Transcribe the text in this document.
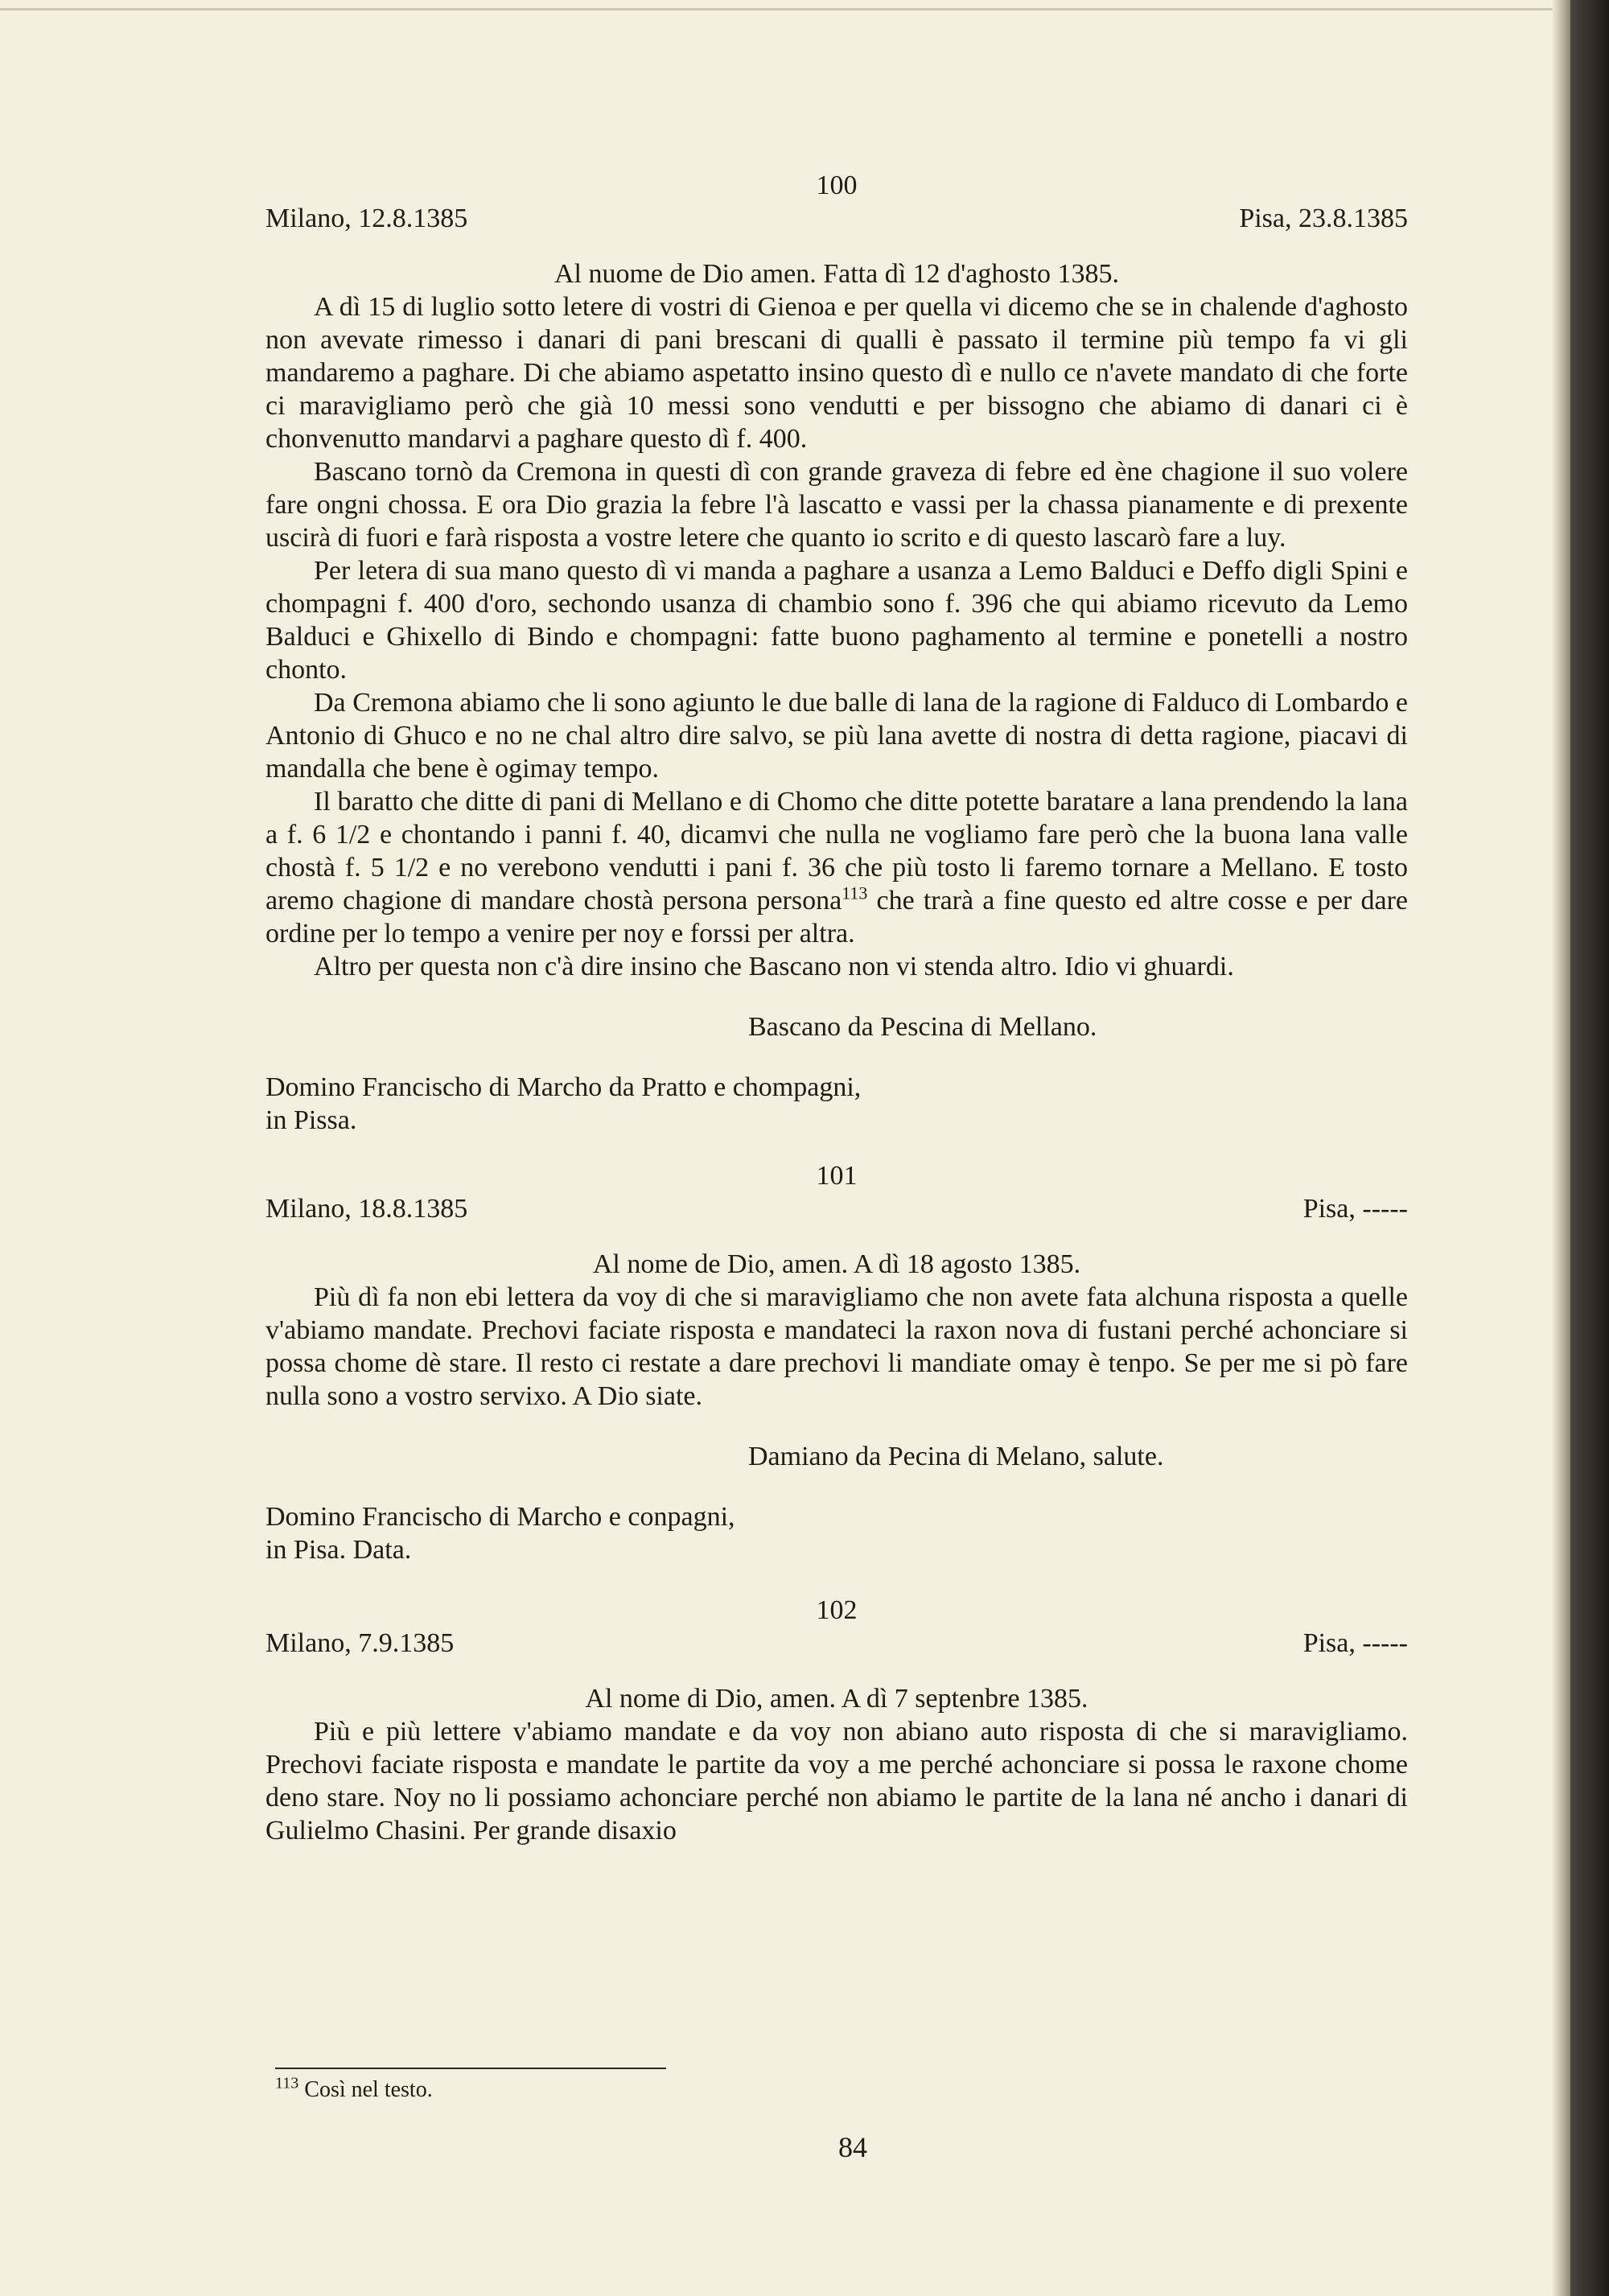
100
Milano, 12.8.1385	Pisa, 23.8.1385
Al nuome de Dio amen. Fatta dì 12 d'aghosto 1385.

A dì 15 di luglio sotto letere di vostri di Gienoa e per quella vi dicemo che se in chalende d'aghosto non avevate rimesso i danari di pani brescani di qualli è passato il termine più tempo fa vi gli mandaremo a paghare. Di che abiamo aspetatto insino questo dì e nullo ce n'avete mandato di che forte ci maravigliamo però che già 10 messi sono vendutti e per bissogno che abiamo di danari ci è chonvenutto mandarvi a paghare questo dì f. 400.

Bascano tornò da Cremona in questi dì con grande graveza di febre ed ène chagione il suo volere fare ongni chossa. E ora Dio grazia la febre l'à lascatto e vassi per la chassa pianamente e di prexente uscirà di fuori e farà risposta a vostre letere che quanto io scrito e di questo lascarò fare a luy.

Per letera di sua mano questo dì vi manda a paghare a usanza a Lemo Balduci e Deffo digli Spini e chompagni f. 400 d'oro, sechondo usanza di chambio sono f. 396 che qui abiamo ricevuto da Lemo Balduci e Ghixello di Bindo e chompagni: fatte buono paghamento al termine e ponetelli a nostro chonto.

Da Cremona abiamo che li sono agiunto le due balle di lana de la ragione di Falduco di Lombardo e Antonio di Ghuco e no ne chal altro dire salvo, se più lana avette di nostra di detta ragione, piacavi di mandalla che bene è ogimay tempo.

Il baratto che ditte di pani di Mellano e di Chomo che ditte potette baratare a lana prendendo la lana a f. 6 1/2 e chontando i panni f. 40, dicamvi che nulla ne vogliamo fare però che la buona lana valle chostà f. 5 1/2 e no verebono vendutti i pani f. 36 che più tosto li faremo tornare a Mellano. E tosto aremo chagione di mandare chostà persona persona$^{113}$ che trarà a fine questo ed altre cosse e per dare ordine per lo tempo a venire per noy e forssi per altra.

Altro per questa non c'à dire insino che Bascano non vi stenda altro. Idio vi ghuardi.

Bascano da Pescina di Mellano.
Domino Francischo di Marcho da Pratto e chompagni,
in Pissa.
101
Milano, 18.8.1385	Pisa, -----
Al nome de Dio, amen. A dì 18 agosto 1385.

Più dì fa non ebi lettera da voy di che si maravigliamo che non avete fata alchuna risposta a quelle v'abiamo mandate. Prechovi faciate risposta e mandateci la raxon nova di fustani perché achonciare si possa chome dè stare. Il resto ci restate a dare prechovi li mandiate omay è tenpo. Se per me si pò fare nulla sono a vostro servixo. A Dio siate.

Damiano da Pecina di Melano, salute.
Domino Francischo di Marcho e conpagni,
in Pisa. Data.
102
Milano, 7.9.1385	Pisa, -----
Al nome di Dio, amen. A dì 7 septenbre 1385.

Più e più lettere v'abiamo mandate e da voy non abiano auto risposta di che si maravigliamo. Prechovi faciate risposta e mandate le partite da voy a me perché achonciare si possa le raxone chome deno stare. Noy no li possiamo achonciare perché non abiamo le partite de la lana né ancho i danari di Gulielmo Chasini. Per grande disaxio

$^{113}$ Così nel testo.
84
